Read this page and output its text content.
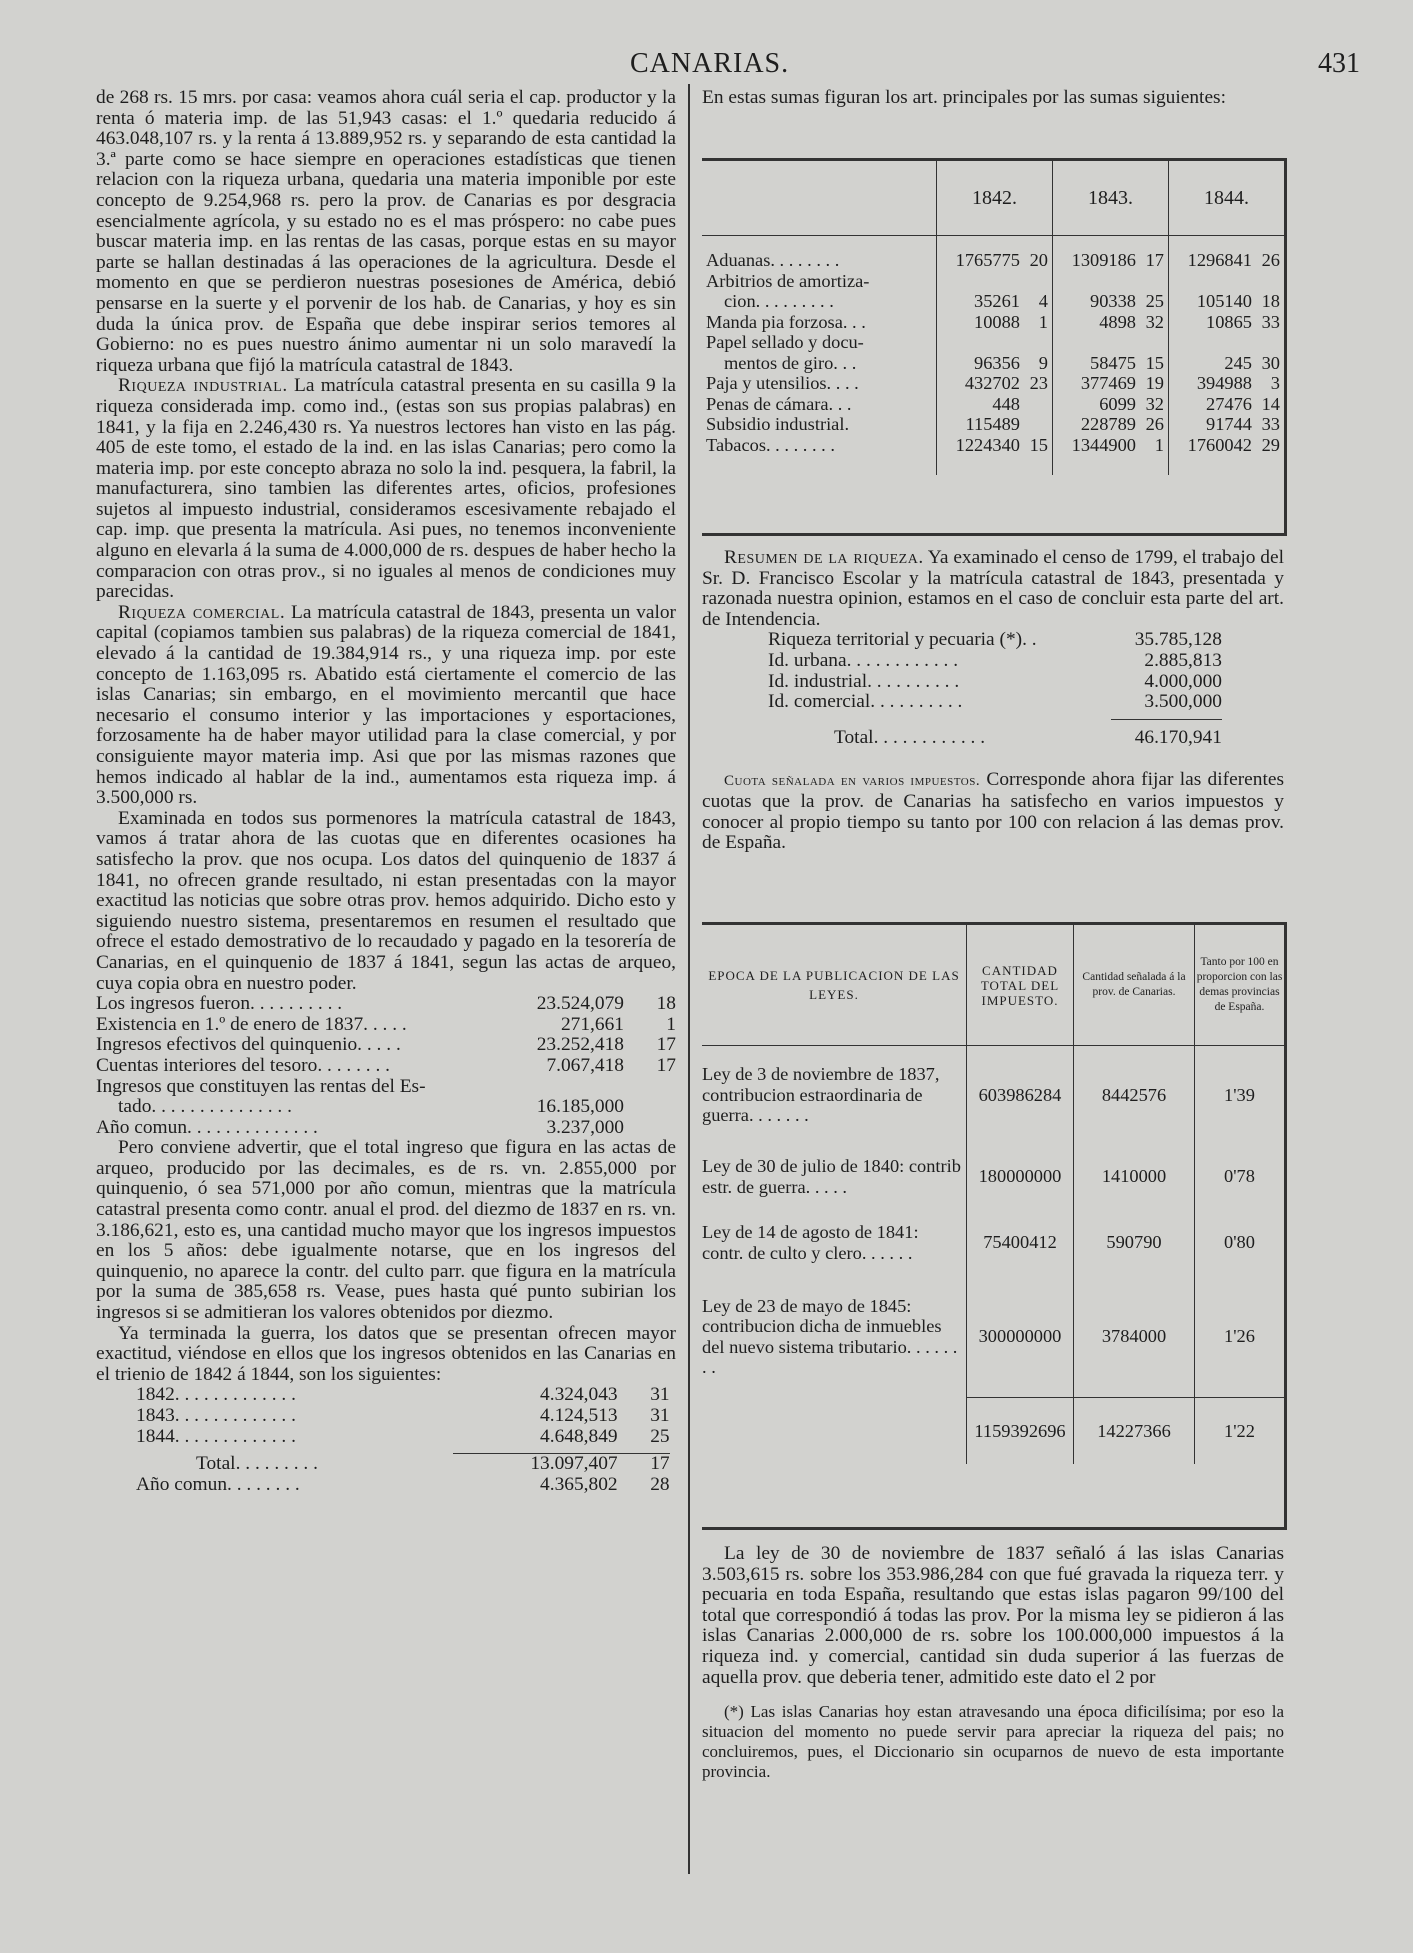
CANARIAS.	431

de 268 rs. 15 mrs. por casa: veamos ahora cuál seria el cap. productor y la renta ó materia imp. de las 51,943 casas: el 1.º quedaria reducido á 463.048,107 rs. y la renta á 13.889,952 rs. y separando de esta cantidad la 3.ª parte como se hace siempre en operaciones estadísticas que tienen relacion con la riqueza urbana, quedaria una materia imponible por este concepto de 9.254,968 rs. pero la prov. de Canarias es por desgracia esencialmente agrícola, y su estado no es el mas próspero: no cabe pues buscar materia imp. en las rentas de las casas, porque estas en su mayor parte se hallan destinadas á las operaciones de la agricultura. Desde el momento en que se perdieron nuestras posesiones de América, debió pensarse en la suerte y el porvenir de los hab. de Canarias, y hoy es sin duda la única prov. de España que debe inspirar serios temores al Gobierno: no es pues nuestro ánimo aumentar ni un solo maravedí la riqueza urbana que fijó la matrícula catastral de 1843.

Riqueza industrial. La matrícula catastral presenta en su casilla 9 la riqueza considerada imp. como ind., (estas son sus propias palabras) en 1841, y la fija en 2.246,430 rs. Ya nuestros lectores han visto en las pág. 405 de este tomo, el estado de la ind. en las islas Canarias; pero como la materia imp. por este concepto abraza no solo la ind. pesquera, la fabril, la manufacturera, sino tambien las diferentes artes, oficios, profesiones sujetos al impuesto industrial, consideramos escesivamente rebajado el cap. imp. que presenta la matrícula. Asi pues, no tenemos inconveniente alguno en elevarla á la suma de 4.000,000 de rs. despues de haber hecho la comparacion con otras prov., si no iguales al menos de condiciones muy parecidas.

Riqueza comercial. La matrícula catastral de 1843, presenta un valor capital (copiamos tambien sus palabras) de la riqueza comercial de 1841, elevado á la cantidad de 19.384,914 rs., y una riqueza imp. por este concepto de 1.163,095 rs. Abatido está ciertamente el comercio de las islas Canarias; sin embargo, en el movimiento mercantil que hace necesario el consumo interior y las importaciones y esportaciones, forzosamente ha de haber mayor utilidad para la clase comercial, y por consiguiente mayor materia imp. Asi que por las mismas razones que hemos indicado al hablar de la ind., aumentamos esta riqueza imp. á 3.500,000 rs.

Examinada en todos sus pormenores la matrícula catastral de 1843, vamos á tratar ahora de las cuotas que en diferentes ocasiones ha satisfecho la prov. que nos ocupa. Los datos del quinquenio de 1837 á 1841, no ofrecen grande resultado, ni estan presentadas con la mayor exactitud las noticias que sobre otras prov. hemos adquirido. Dicho esto y siguiendo nuestro sistema, presentaremos en resumen el resultado que ofrece el estado demostrativo de lo recaudado y pagado en la tesorería de Canarias, en el quinquenio de 1837 á 1841, segun las actas de arqueo, cuya copia obra en nuestro poder.

Los ingresos fueron. . . . . . . . . .	23.524,079	18
Existencia en 1.º de enero de 1837. . . . .	271,661	1
Ingresos efectivos del quinquenio. . . . .	23.252,418	17
Cuentas interiores del tesoro. . . . . . . .	7.067,418	17
Ingresos que constituyen las rentas del Es-		
tado. . . . . . . . . . . . . . .	16.185,000	
Año comun. . . . . . . . . . . . . .	3.237,000	

Pero conviene advertir, que el total ingreso que figura en las actas de arqueo, producido por las decimales, es de rs. vn. 2.855,000 por quinquenio, ó sea 571,000 por año comun, mientras que la matrícula catastral presenta como contr. anual el prod. del diezmo de 1837 en rs. vn. 3.186,621, esto es, una cantidad mucho mayor que los ingresos impuestos en los 5 años: debe igualmente notarse, que en los ingresos del quinquenio, no aparece la contr. del culto parr. que figura en la matrícula por la suma de 385,658 rs. Vease, pues hasta qué punto subirian los ingresos si se admitieran los valores obtenidos por diezmo.

Ya terminada la guerra, los datos que se presentan ofrecen mayor exactitud, viéndose en ellos que los ingresos obtenidos en las Canarias en el trienio de 1842 á 1844, son los siguientes:

1842. . . . . . . . . . . . .	4.324,043	31
1843. . . . . . . . . . . . .	4.124,513	31
1844. . . . . . . . . . . . .	4.648,849	25

Total. . . . . . . . .	13.097,407	17
Año comun. . . . . . . .	4.365,802	28

En estas sumas figuran los art. principales por las sumas siguientes:

	1842.		1843.		1844.	

Aduanas. . . . . . . .	1765775	20	1309186	17	1296841	26
Arbitrios de amortiza-						
cion. . . . . . . . .	35261	4	90338	25	105140	18
Manda pia forzosa. . .	10088	1	4898	32	10865	33
Papel sellado y docu-						
mentos de giro. . .	96356	9	58475	15	245	30
Paja y utensilios. . . .	432702	23	377469	19	394988	3
Penas de cámara. . .	448		6099	32	27476	14
Subsidio industrial.	115489		228789	26	91744	33
Tabacos. . . . . . . .	1224340	15	1344900	1	1760042	29

Resumen de la riqueza. Ya examinado el censo de 1799, el trabajo del Sr. D. Francisco Escolar y la matrícula catastral de 1843, presentada y razonada nuestra opinion, estamos en el caso de concluir esta parte del art. de Intendencia.

Riqueza territorial y pecuaria (*). .	35.785,128
Id. urbana. . . . . . . . . . . .	2.885,813
Id. industrial. . . . . . . . . .	4.000,000
Id. comercial. . . . . . . . . .	3.500,000

Total. . . . . . . . . . . .	46.170,941

Cuota señalada en varios impuestos. Corresponde ahora fijar las diferentes cuotas que la prov. de Canarias ha satisfecho en varios impuestos y conocer al propio tiempo su tanto por 100 con relacion á las demas prov. de España.

EPOCA DE LA PUBLICACION DE LAS LEYES.	CANTIDAD TOTAL DEL IMPUESTO.	Cantidad señalada á la prov. de Canarias.	Tanto por 100 en proporcion con las demas provincias de España.
Ley de 3 de noviembre de 1837, contribucion estraordinaria de guerra. . . . . . .	603986284	8442576	1'39
Ley de 30 de julio de 1840: contrib estr. de guerra. . . . .	180000000	1410000	0'78
Ley de 14 de agosto de 1841: contr. de culto y clero. . . . . .	75400412	590790	0'80
Ley de 23 de mayo de 1845: contribucion dicha de inmuebles del nuevo sistema tributario. . . . . . . .	300000000	3784000	1'26
	1159392696	14227366	1'22

La ley de 30 de noviembre de 1837 señaló á las islas Canarias 3.503,615 rs. sobre los 353.986,284 con que fué gravada la riqueza terr. y pecuaria en toda España, resultando que estas islas pagaron 99/100 del total que correspondió á todas las prov. Por la misma ley se pidieron á las islas Canarias 2.000,000 de rs. sobre los 100.000,000 impuestos á la riqueza ind. y comercial, cantidad sin duda superior á las fuerzas de aquella prov. que deberia tener, admitido este dato el 2 por

(*) Las islas Canarias hoy estan atravesando una época dificilísima; por eso la situacion del momento no puede servir para apreciar la riqueza del pais; no concluiremos, pues, el Diccionario sin ocuparnos de nuevo de esta importante provincia.
